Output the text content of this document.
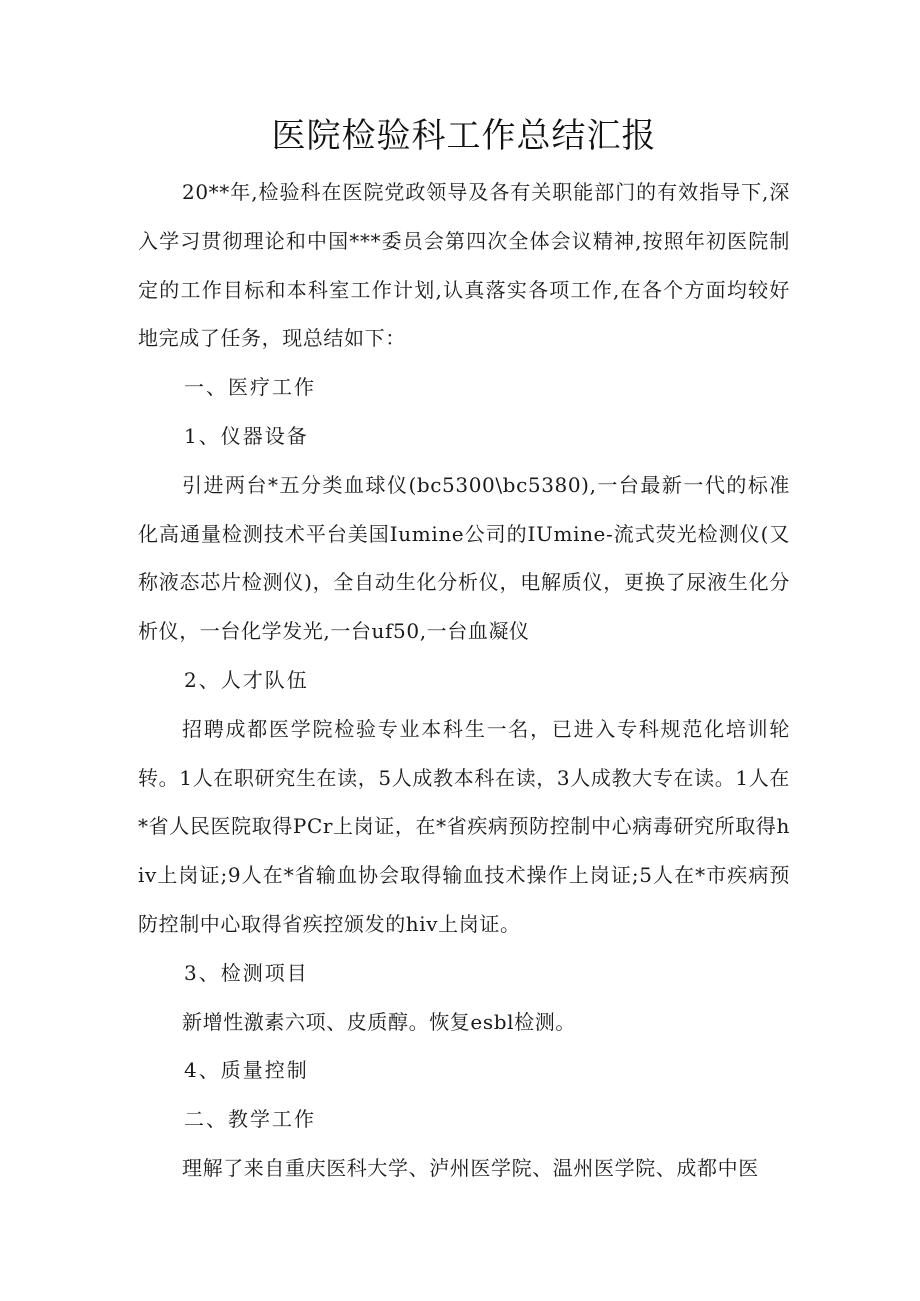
医院检验科工作总结汇报

20**年,检验科在医院党政领导及各有关职能部门的有效指导下,深入学习贯彻理论和中国***委员会第四次全体会议精神,按照年初医院制定的工作目标和本科室工作计划,认真落实各项工作,在各个方面均较好地完成了任务，现总结如下：

一、医疗工作

1、仪器设备

引进两台*五分类血球仪(bc5300\bc5380),一台最新一代的标准化高通量检测技术平台美国Iumine公司的IUmine-流式荧光检测仪(又称液态芯片检测仪)，全自动生化分析仪，电解质仪，更换了尿液生化分析仪，一台化学发光,一台uf50,一台血凝仪

2、人才队伍

招聘成都医学院检验专业本科生一名，已进入专科规范化培训轮转。1人在职研究生在读，5人成教本科在读，3人成教大专在读。1人在*省人民医院取得PCr上岗证，在*省疾病预防控制中心病毒研究所取得hiv上岗证;9人在*省输血协会取得输血技术操作上岗证;5人在*市疾病预防控制中心取得省疾控颁发的hiv上岗证。

3、检测项目

新增性激素六项、皮质醇。恢复esbl检测。

4、质量控制

二、教学工作

理解了来自重庆医科大学、泸州医学院、温州医学院、成都中医
